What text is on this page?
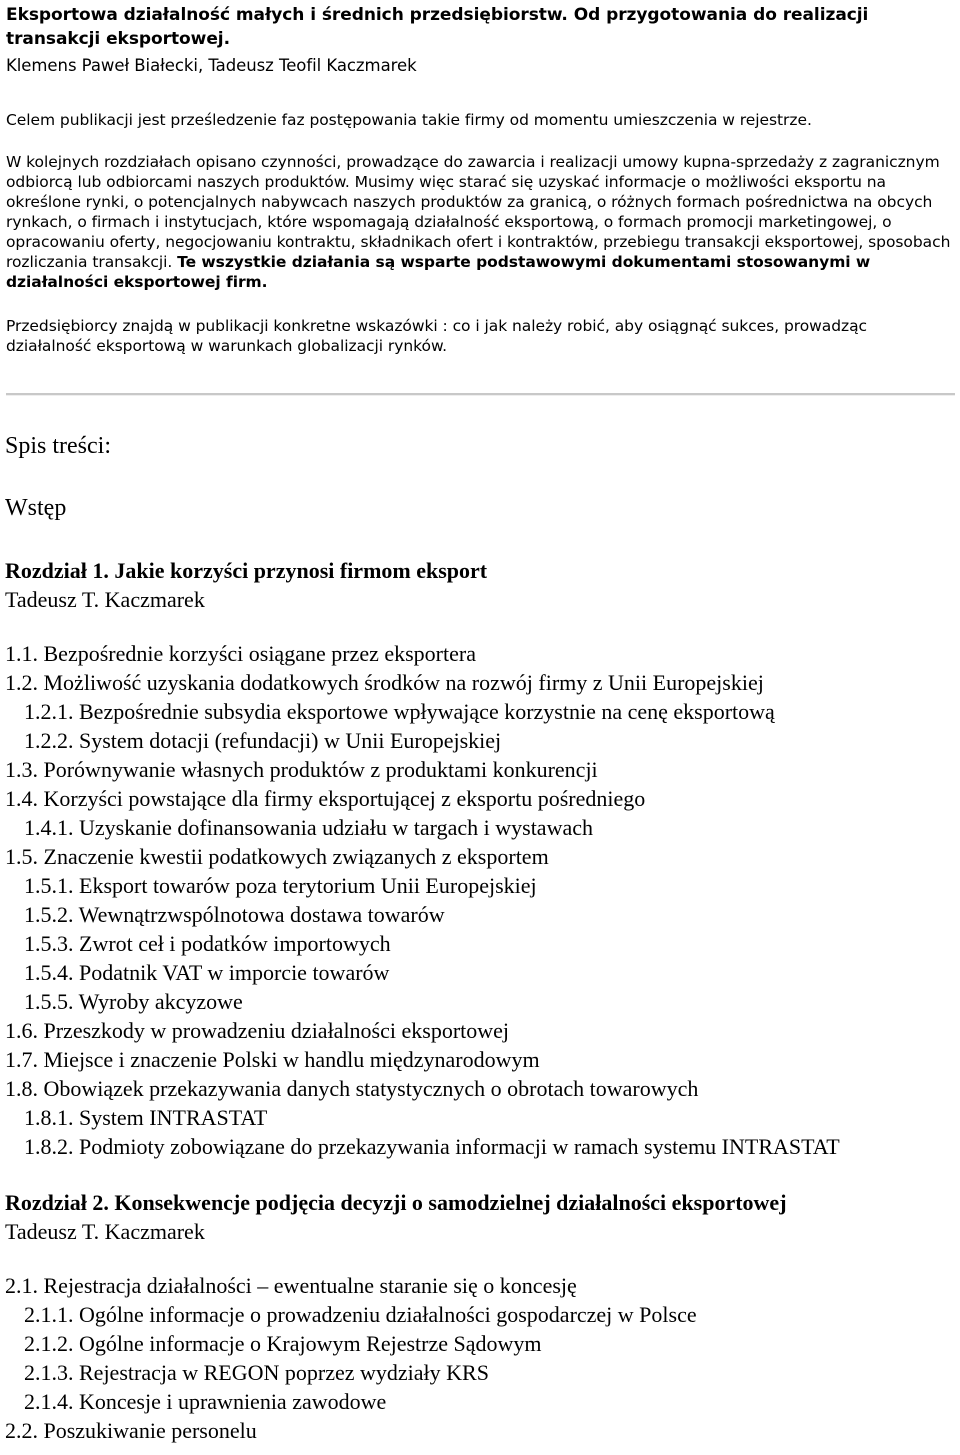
Eksportowa działalność małych i średnich przedsiębiorstw. Od przygotowania do realizacji transakcji eksportowej.
Klemens Paweł Białecki, Tadeusz Teofil Kaczmarek

Celem publikacji jest prześledzenie faz postępowania takie firmy od momentu umieszczenia w rejestrze.

W kolejnych rozdziałach opisano czynności, prowadzące do zawarcia i realizacji umowy kupna-sprzedaży z zagranicznym odbiorcą lub odbiorcami naszych produktów. Musimy więc starać się uzyskać informacje o możliwości eksportu na określone rynki, o potencjalnych nabywcach naszych produktów za granicą, o różnych formach pośrednictwa na obcych rynkach, o firmach i instytucjach, które wspomagają działalność eksportową, o formach promocji marketingowej, o opracowaniu oferty, negocjowaniu kontraktu, składnikach ofert i kontraktów, przebiegu transakcji eksportowej, sposobach rozliczania transakcji. Te wszystkie działania są wsparte podstawowymi dokumentami stosowanymi w działalności eksportowej firm.

Przedsiębiorcy znajdą w publikacji konkretne wskazówki : co i jak należy robić, aby osiągnąć sukces, prowadząc działalność eksportową w warunkach globalizacji rynków.

Spis treści:
Wstęp
Rozdział 1. Jakie korzyści przynosi firmom eksport
Tadeusz T. Kaczmarek
1.1. Bezpośrednie korzyści osiągane przez eksportera
1.2. Możliwość uzyskania dodatkowych środków na rozwój firmy z Unii Europejskiej
1.2.1. Bezpośrednie subsydia eksportowe wpływające korzystnie na cenę eksportową
1.2.2. System dotacji (refundacji) w Unii Europejskiej
1.3. Porównywanie własnych produktów z produktami konkurencji
1.4. Korzyści powstające dla firmy eksportującej z eksportu pośredniego
1.4.1. Uzyskanie dofinansowania udziału w targach i wystawach
1.5. Znaczenie kwestii podatkowych związanych z eksportem
1.5.1. Eksport towarów poza terytorium Unii Europejskiej
1.5.2. Wewnątrzwspólnotowa dostawa towarów
1.5.3. Zwrot ceł i podatków importowych
1.5.4. Podatnik VAT w imporcie towarów
1.5.5. Wyroby akcyzowe
1.6. Przeszkody w prowadzeniu działalności eksportowej
1.7. Miejsce i znaczenie Polski w handlu międzynarodowym
1.8. Obowiązek przekazywania danych statystycznych o obrotach towarowych
1.8.1. System INTRASTAT
1.8.2. Podmioty zobowiązane do przekazywania informacji w ramach systemu INTRASTAT
Rozdział 2. Konsekwencje podjęcia decyzji o samodzielnej działalności eksportowej
Tadeusz T. Kaczmarek
2.1. Rejestracja działalności – ewentualne staranie się o koncesję
2.1.1. Ogólne informacje o prowadzeniu działalności gospodarczej w Polsce
2.1.2. Ogólne informacje o Krajowym Rejestrze Sądowym
2.1.3. Rejestracja w REGON poprzez wydziały KRS
2.1.4. Koncesje i uprawnienia zawodowe
2.2. Poszukiwanie personelu
